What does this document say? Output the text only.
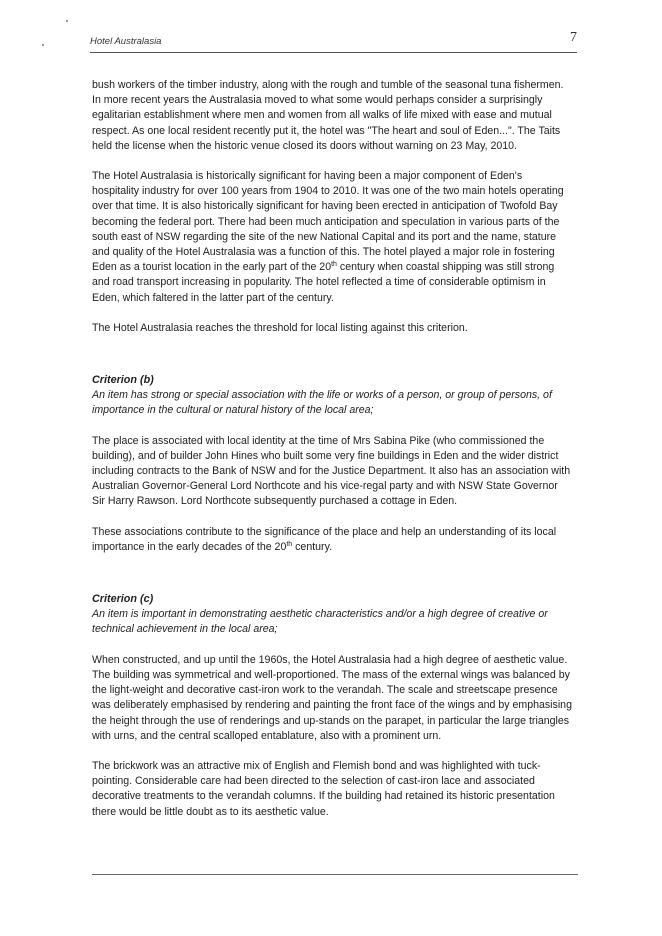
Hotel Australasia	7

bush workers of the timber industry, along with the rough and tumble of the seasonal tuna fishermen. In more recent years the Australasia moved to what some would perhaps consider a surprisingly egalitarian establishment where men and women from all walks of life mixed with ease and mutual respect. As one local resident recently put it, the hotel was "The heart and soul of Eden...". The Taits held the license when the historic venue closed its doors without warning on 23 May, 2010.

The Hotel Australasia is historically significant for having been a major component of Eden's hospitality industry for over 100 years from 1904 to 2010. It was one of the two main hotels operating over that time. It is also historically significant for having been erected in anticipation of Twofold Bay becoming the federal port. There had been much anticipation and speculation in various parts of the south east of NSW regarding the site of the new National Capital and its port and the name, stature and quality of the Hotel Australasia was a function of this. The hotel played a major role in fostering Eden as a tourist location in the early part of the 20th century when coastal shipping was still strong and road transport increasing in popularity. The hotel reflected a time of considerable optimism in Eden, which faltered in the latter part of the century.

The Hotel Australasia reaches the threshold for local listing against this criterion.

Criterion (b)

An item has strong or special association with the life or works of a person, or group of persons, of importance in the cultural or natural history of the local area;

The place is associated with local identity at the time of Mrs Sabina Pike (who commissioned the building), and of builder John Hines who built some very fine buildings in Eden and the wider district including contracts to the Bank of NSW and for the Justice Department. It also has an association with Australian Governor-General Lord Northcote and his vice-regal party and with NSW State Governor Sir Harry Rawson. Lord Northcote subsequently purchased a cottage in Eden.

These associations contribute to the significance of the place and help an understanding of its local importance in the early decades of the 20th century.

Criterion (c)

An item is important in demonstrating aesthetic characteristics and/or a high degree of creative or technical achievement in the local area;

When constructed, and up until the 1960s, the Hotel Australasia had a high degree of aesthetic value. The building was symmetrical and well-proportioned. The mass of the external wings was balanced by the light-weight and decorative cast-iron work to the verandah. The scale and streetscape presence was deliberately emphasised by rendering and painting the front face of the wings and by emphasising the height through the use of renderings and up-stands on the parapet, in particular the large triangles with urns, and the central scalloped entablature, also with a prominent urn.

The brickwork was an attractive mix of English and Flemish bond and was highlighted with tuck-pointing. Considerable care had been directed to the selection of cast-iron lace and associated decorative treatments to the verandah columns. If the building had retained its historic presentation there would be little doubt as to its aesthetic value.
